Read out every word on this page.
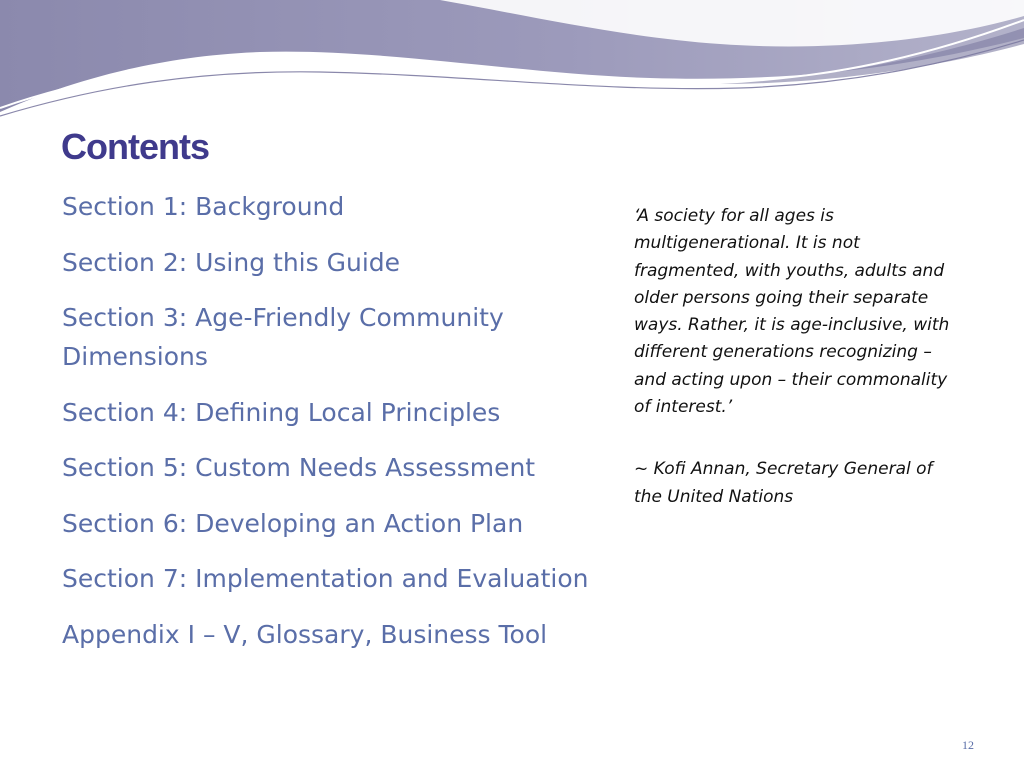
Contents
Section 1: Background
Section 2: Using this Guide
Section 3: Age-Friendly Community Dimensions
Section 4: Defining Local Principles
Section 5: Custom Needs Assessment
Section 6: Developing an Action Plan
Section 7: Implementation and Evaluation
Appendix I – V, Glossary, Business Tool

‘A society for all ages is multigenerational. It is not fragmented, with youths, adults and older persons going their separate ways. Rather, it is age-inclusive, with different generations recognizing – and acting upon – their commonality of interest.’

~ Kofi Annan, Secretary General of the United Nations

12
